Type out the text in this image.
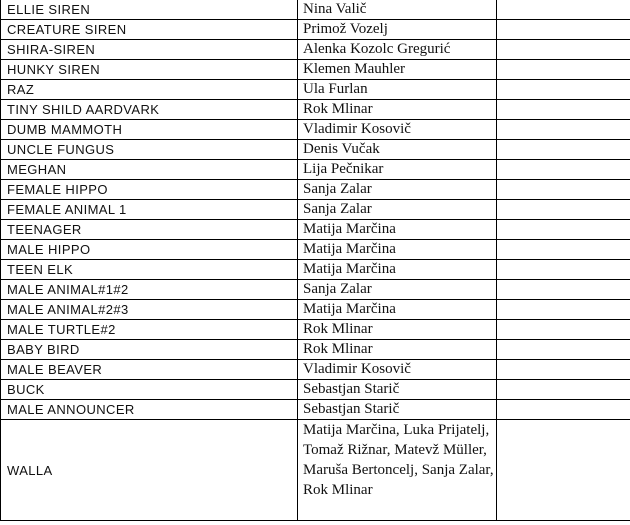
ELLIE SIREN	Nina Valič	
CREATURE SIREN	Primož Vozelj	
SHIRA-SIREN	Alenka Kozolc Gregurić	
HUNKY SIREN	Klemen Mauhler	
RAZ	Ula Furlan	
TINY SHILD AARDVARK	Rok Mlinar	
DUMB MAMMOTH	Vladimir Kosovič	
UNCLE FUNGUS	Denis Vučak	
MEGHAN	Lija Pečnikar	
FEMALE HIPPO	Sanja Zalar	
FEMALE ANIMAL 1	Sanja Zalar	
TEENAGER	Matija Marčina	
MALE HIPPO	Matija Marčina	
TEEN ELK	Matija Marčina	
MALE ANIMAL#1#2	Sanja Zalar	
MALE ANIMAL#2#3	Matija Marčina	
MALE TURTLE#2	Rok Mlinar	
BABY BIRD	Rok Mlinar	
MALE BEAVER	Vladimir Kosovič	
BUCK	Sebastjan Starič	
MALE ANNOUNCER	Sebastjan Starič	
WALLA	Matija Marčina, Luka Prijatelj, Tomaž Rižnar, Matevž Müller, Maruša Bertoncelj, Sanja Zalar, Rok Mlinar	
